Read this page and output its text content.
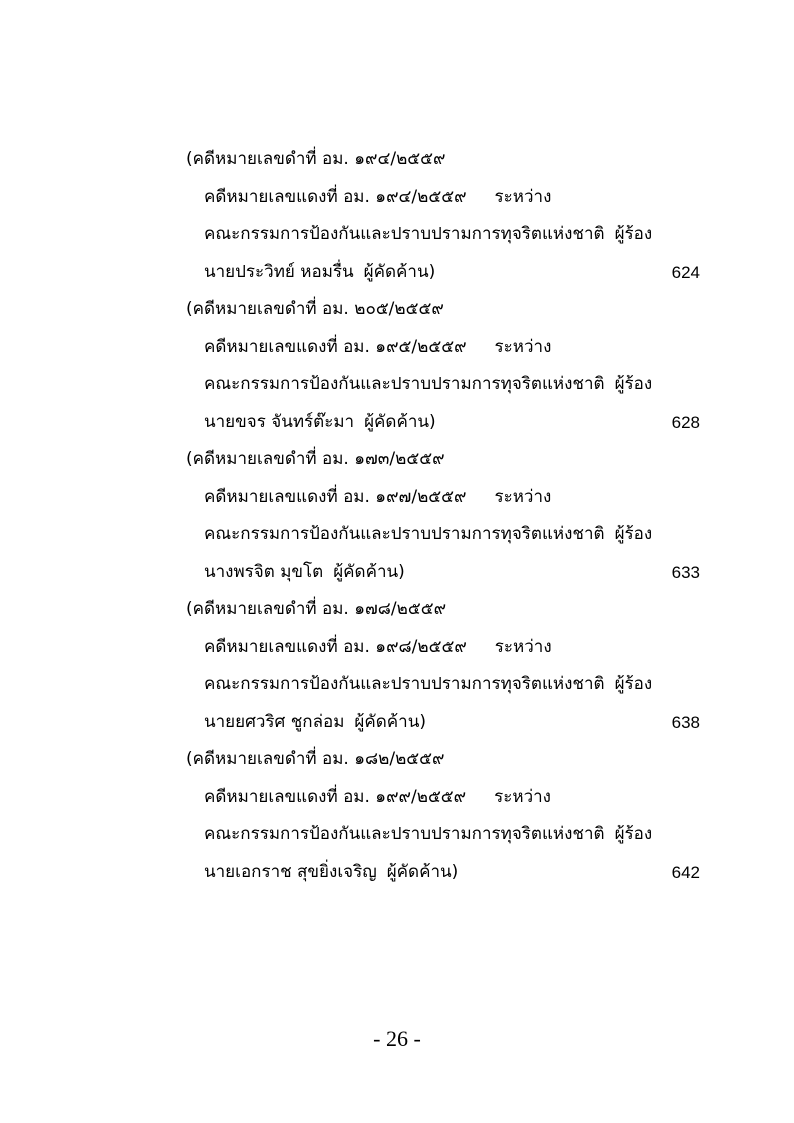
(คดีหมายเลขดำที่ อม. ๑๙๔/๒๕๕๙
คดีหมายเลขแดงที่ อม. ๑๙๔/๒๕๕๙ ระหว่าง
คณะกรรมการป้องกันและปราบปรามการทุจริตแห่งชาติ ผู้ร้อง
นายประวิทย์ หอมรื่น ผู้คัดค้าน)	624
(คดีหมายเลขดำที่ อม. ๒๐๕/๒๕๕๙
คดีหมายเลขแดงที่ อม. ๑๙๕/๒๕๕๙ ระหว่าง
คณะกรรมการป้องกันและปราบปรามการทุจริตแห่งชาติ ผู้ร้อง
นายขจร จันทร์ต๊ะมา ผู้คัดค้าน)	628
(คดีหมายเลขดำที่ อม. ๑๗๓/๒๕๕๙
คดีหมายเลขแดงที่ อม. ๑๙๗/๒๕๕๙ ระหว่าง
คณะกรรมการป้องกันและปราบปรามการทุจริตแห่งชาติ ผู้ร้อง
นางพรจิต มุขโต ผู้คัดค้าน)	633
(คดีหมายเลขดำที่ อม. ๑๗๘/๒๕๕๙
คดีหมายเลขแดงที่ อม. ๑๙๘/๒๕๕๙ ระหว่าง
คณะกรรมการป้องกันและปราบปรามการทุจริตแห่งชาติ ผู้ร้อง
นายยศวริศ ชูกล่อม ผู้คัดค้าน)	638
(คดีหมายเลขดำที่ อม. ๑๘๒/๒๕๕๙
คดีหมายเลขแดงที่ อม. ๑๙๙/๒๕๕๙ ระหว่าง
คณะกรรมการป้องกันและปราบปรามการทุจริตแห่งชาติ ผู้ร้อง
นายเอกราช สุขยิ่งเจริญ ผู้คัดค้าน)	642
- 26 -
